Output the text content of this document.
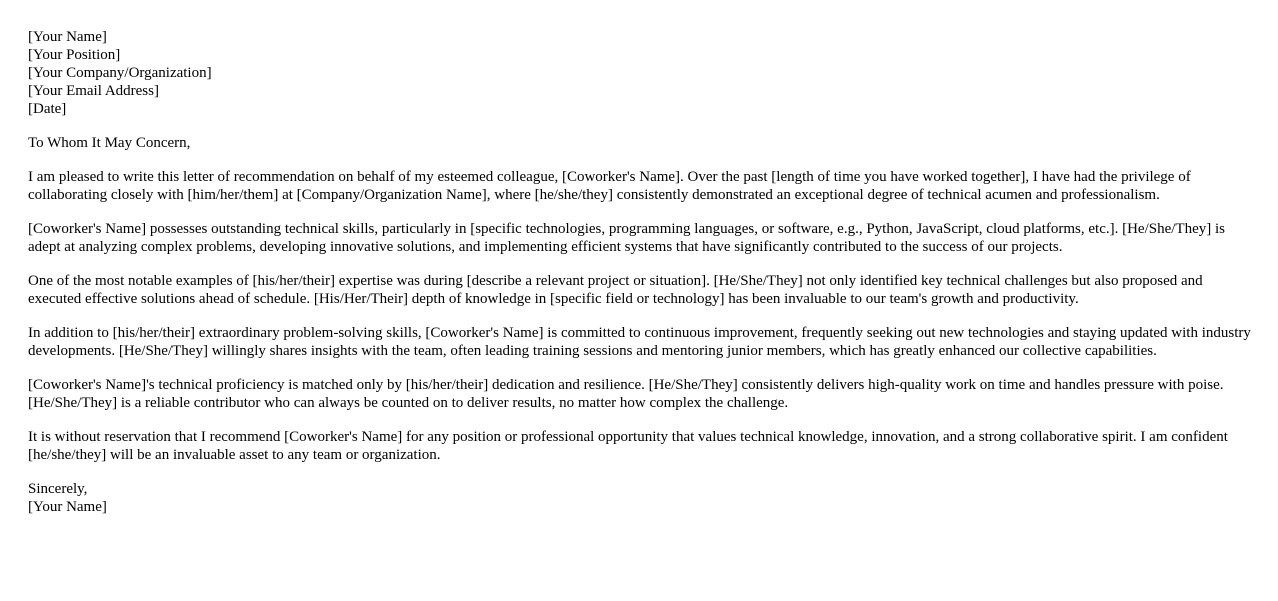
[Your Name]
[Your Position]
[Your Company/Organization]
[Your Email Address]
[Date]

To Whom It May Concern,

I am pleased to write this letter of recommendation on behalf of my esteemed colleague, [Coworker's Name]. Over the past [length of time you have worked together], I have had the privilege of collaborating closely with [him/her/them] at [Company/Organization Name], where [he/she/they] consistently demonstrated an exceptional degree of technical acumen and professionalism.

[Coworker's Name] possesses outstanding technical skills, particularly in [specific technologies, programming languages, or software, e.g., Python, JavaScript, cloud platforms, etc.]. [He/She/They] is adept at analyzing complex problems, developing innovative solutions, and implementing efficient systems that have significantly contributed to the success of our projects.

One of the most notable examples of [his/her/their] expertise was during [describe a relevant project or situation]. [He/She/They] not only identified key technical challenges but also proposed and executed effective solutions ahead of schedule. [His/Her/Their] depth of knowledge in [specific field or technology] has been invaluable to our team's growth and productivity.

In addition to [his/her/their] extraordinary problem-solving skills, [Coworker's Name] is committed to continuous improvement, frequently seeking out new technologies and staying updated with industry developments. [He/She/They] willingly shares insights with the team, often leading training sessions and mentoring junior members, which has greatly enhanced our collective capabilities.

[Coworker's Name]'s technical proficiency is matched only by [his/her/their] dedication and resilience. [He/She/They] consistently delivers high-quality work on time and handles pressure with poise. [He/She/They] is a reliable contributor who can always be counted on to deliver results, no matter how complex the challenge.

It is without reservation that I recommend [Coworker's Name] for any position or professional opportunity that values technical knowledge, innovation, and a strong collaborative spirit. I am confident [he/she/they] will be an invaluable asset to any team or organization.

Sincerely,
[Your Name]
